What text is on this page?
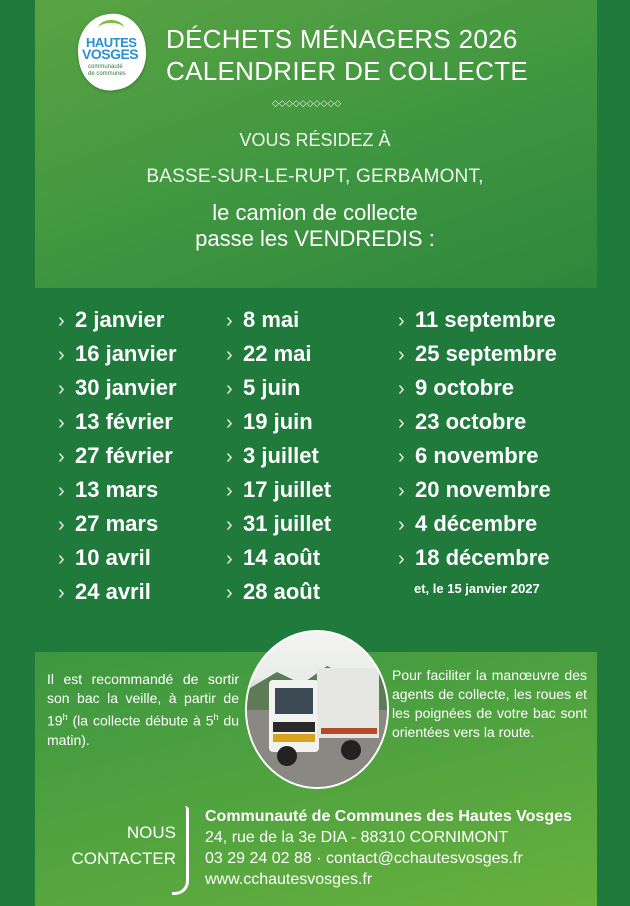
HAUTES
VOSGES
communauté
de communes
DÉCHETS MÉNAGERS 2026
CALENDRIER DE COLLECTE
◇◇◇◇◇◇◇◇◇◇
VOUS RÉSIDEZ À
BASSE-SUR-LE-RUPT, GERBAMONT,
le camion de collecte
passe les VENDREDIS :
› 2 janvier
› 16 janvier
› 30 janvier
› 13 février
› 27 février
› 13 mars
› 27 mars
› 10 avril
› 24 avril
› 8 mai
› 22 mai
› 5 juin
› 19 juin
› 3 juillet
› 17 juillet
› 31 juillet
› 14 août
› 28 août
› 11 septembre
› 25 septembre
› 9 octobre
› 23 octobre
› 6 novembre
› 20 novembre
› 4 décembre
› 18 décembre
et, le 15 janvier 2027
Il est recommandé de sortir son bac la veille, à partir de 19$^h$ (la collecte débute à 5$^h$ du matin).
Pour faciliter la manœuvre des agents de collecte, les roues et les poignées de votre bac sont orientées vers la route.
NOUS
CONTACTER
Communauté de Communes des Hautes Vosges
24, rue de la 3e DIA - 88310 CORNIMONT
03 29 24 02 88 · contact@cchautesvosges.fr
www.cchautesvosges.fr
